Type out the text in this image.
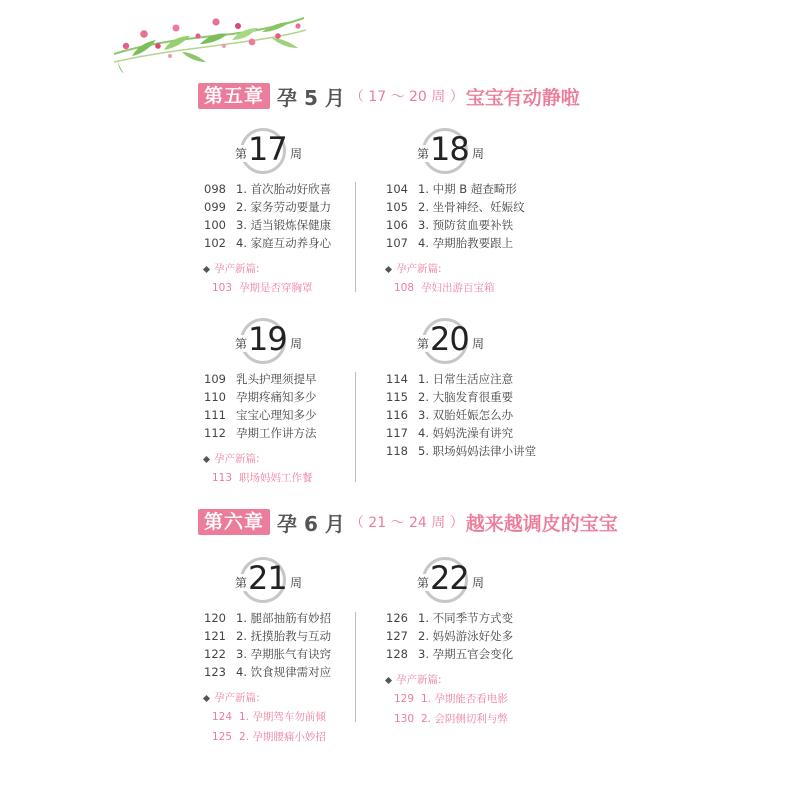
第五章 孕 5 月 （ 17 ～ 20 周 ） 宝宝有动静啦
第 17 周
098 1. 首次胎动好欣喜
099 2. 家务劳动要量力
100 3. 适当锻炼保健康
102 4. 家庭互动养身心
孕产新篇:
103 孕期是否穿胸罩
第 18 周
104 1. 中期 B 超查畸形
105 2. 坐骨神经、妊娠纹
106 3. 预防贫血要补铁
107 4. 孕期胎教要跟上
孕产新篇:
108 孕妇出游百宝箱
第 19 周
109 乳头护理须提早
110 孕期疼痛知多少
111 宝宝心理知多少
112 孕期工作讲方法
孕产新篇:
113 职场妈妈工作餐
第 20 周
114 1. 日常生活应注意
115 2. 大脑发育很重要
116 3. 双胎妊娠怎么办
117 4. 妈妈洗澡有讲究
118 5. 职场妈妈法律小讲堂
第六章 孕 6 月 （ 21 ～ 24 周 ） 越来越调皮的宝宝
第 21 周
120 1. 腿部抽筋有妙招
121 2. 抚摸胎教与互动
122 3. 孕期胀气有诀窍
123 4. 饮食规律需对应
孕产新篇:
124 1. 孕期驾车勿前倾
125 2. 孕期腰痛小妙招
第 22 周
126 1. 不同季节方式变
127 2. 妈妈游泳好处多
128 3. 孕期五官会变化
孕产新篇:
129 1. 孕期能否看电影
130 2. 会阴侧切利与弊
